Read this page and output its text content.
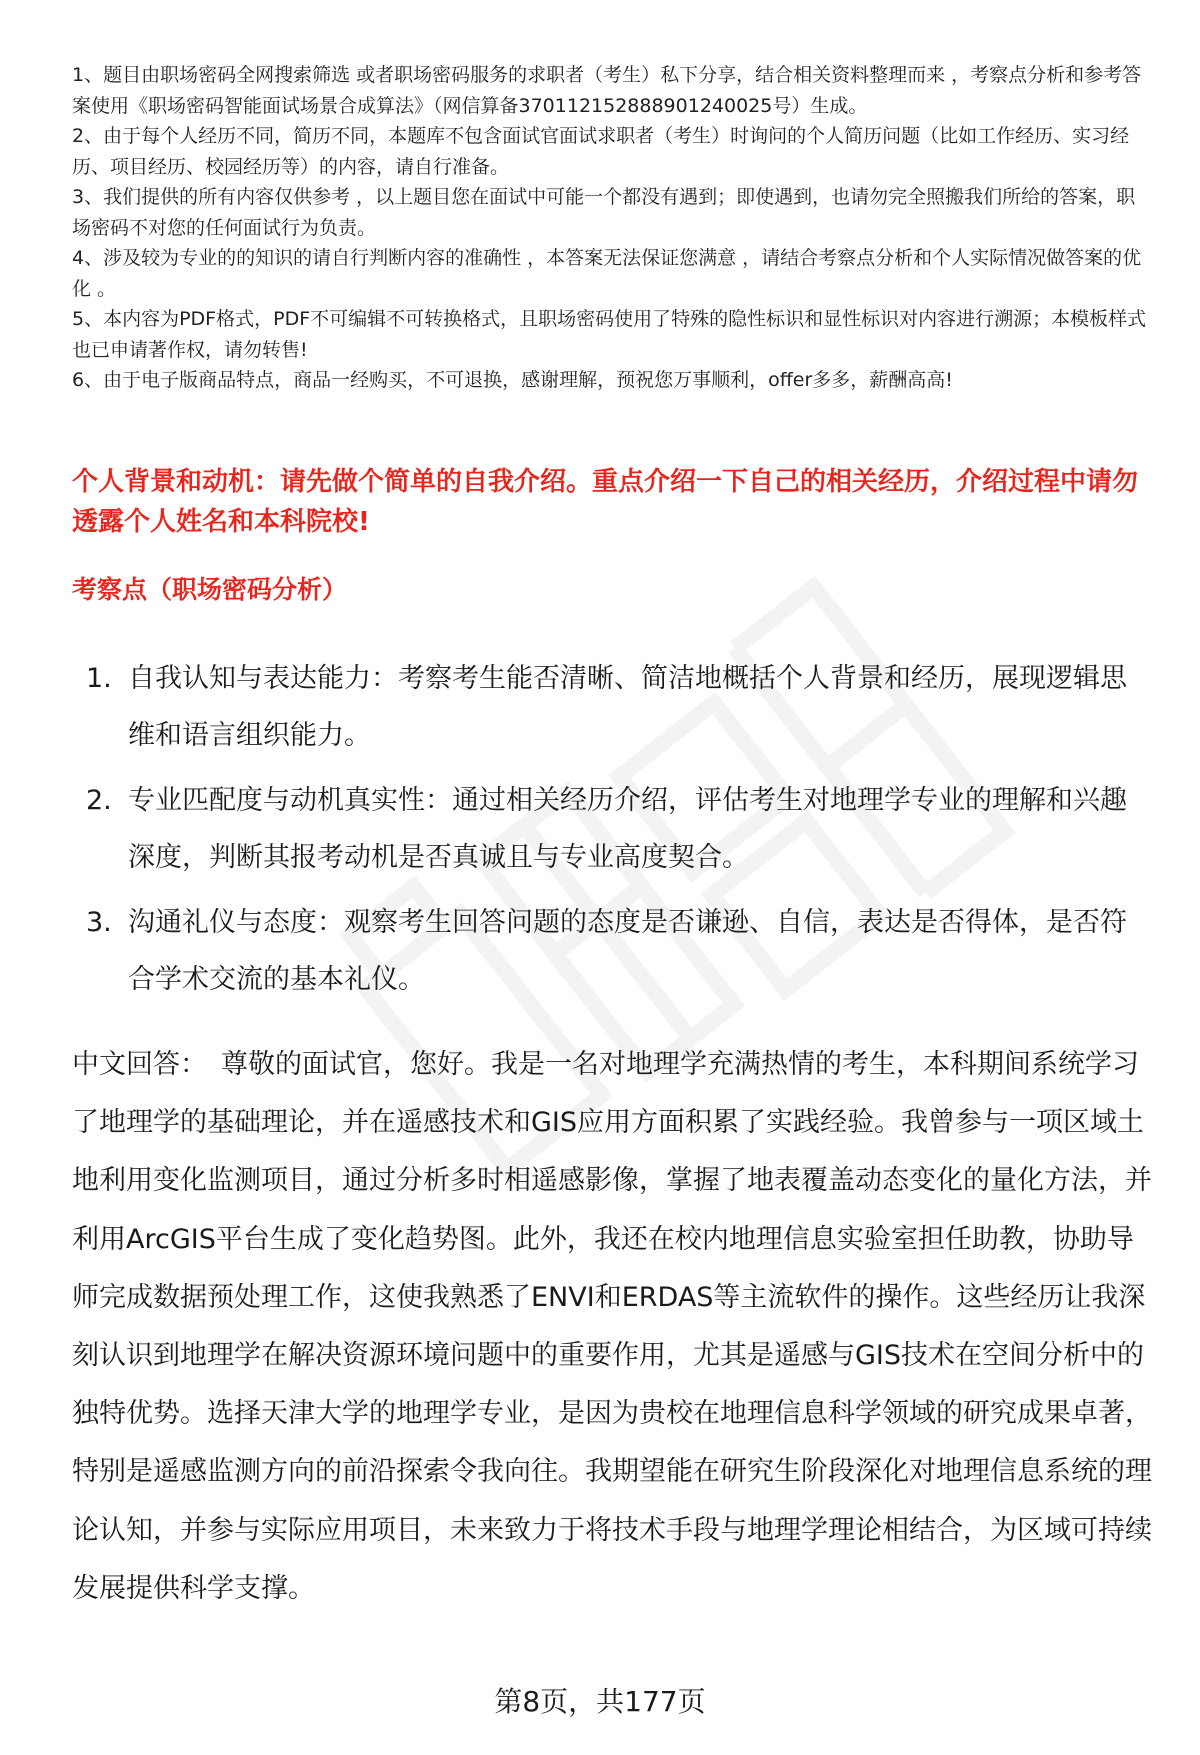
1、题目由职场密码全网搜索筛选 或者职场密码服务的求职者（考生）私下分享，结合相关资料整理而来 ，考察点分析和参考答案使用《职场密码智能面试场景合成算法》（网信算备370112152888901240025号）生成。

2、由于每个人经历不同，简历不同，本题库不包含面试官面试求职者（考生）时询问的个人简历问题（比如工作经历、实习经历、项目经历、校园经历等）的内容，请自行准备。

3、我们提供的所有内容仅供参考 ，以上题目您在面试中可能一个都没有遇到；即使遇到，也请勿完全照搬我们所给的答案，职场密码不对您的任何面试行为负责。

4、涉及较为专业的的知识的请自行判断内容的准确性 ，本答案无法保证您满意 ，请结合考察点分析和个人实际情况做答案的优化 。

5、本内容为PDF格式，PDF不可编辑不可转换格式，且职场密码使用了特殊的隐性标识和显性标识对内容进行溯源；本模板样式也已申请著作权，请勿转售!

6、由于电子版商品特点，商品一经购买，不可退换，感谢理解，预祝您万事顺利，offer多多，薪酬高高!

个人背景和动机：请先做个简单的自我介绍。重点介绍一下自己的相关经历，介绍过程中请勿透露个人姓名和本科院校!
考察点（职场密码分析）
1. 自我认知与表达能力：考察考生能否清晰、简洁地概括个人背景和经历，展现逻辑思维和语言组织能力。
2. 专业匹配度与动机真实性：通过相关经历介绍，评估考生对地理学专业的理解和兴趣深度，判断其报考动机是否真诚且与专业高度契合。
3. 沟通礼仪与态度：观察考生回答问题的态度是否谦逊、自信，表达是否得体，是否符合学术交流的基本礼仪。

中文回答： 尊敬的面试官，您好。我是一名对地理学充满热情的考生，本科期间系统学习了地理学的基础理论，并在遥感技术和GIS应用方面积累了实践经验。我曾参与一项区域土地利用变化监测项目，通过分析多时相遥感影像，掌握了地表覆盖动态变化的量化方法，并利用ArcGIS平台生成了变化趋势图。此外，我还在校内地理信息实验室担任助教，协助导师完成数据预处理工作，这使我熟悉了ENVI和ERDAS等主流软件的操作。这些经历让我深刻认识到地理学在解决资源环境问题中的重要作用，尤其是遥感与GIS技术在空间分析中的独特优势。选择天津大学的地理学专业，是因为贵校在地理信息科学领域的研究成果卓著，特别是遥感监测方向的前沿探索令我向往。我期望能在研究生阶段深化对地理信息系统的理论认知，并参与实际应用项目，未来致力于将技术手段与地理学理论相结合，为区域可持续发展提供科学支撑。

第8页，共177页
